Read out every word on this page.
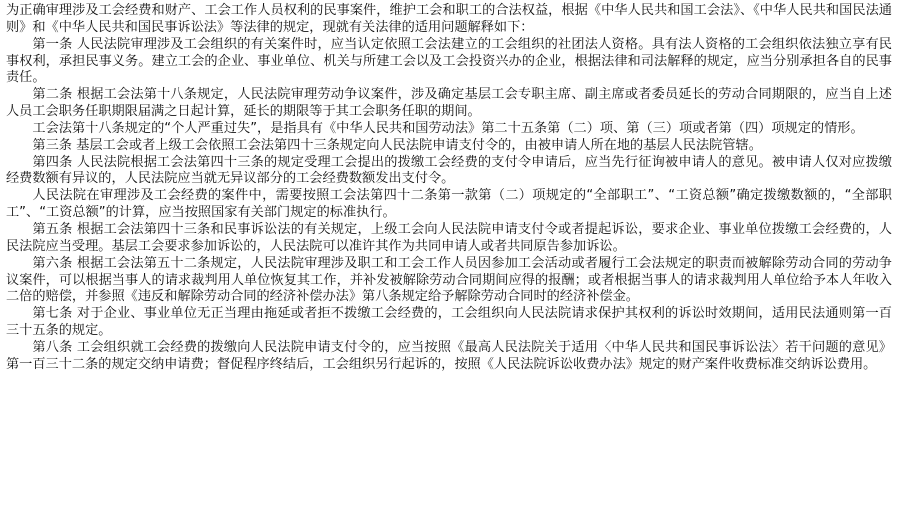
为正确审理涉及工会经费和财产、工会工作人员权利的民事案件，维护工会和职工的合法权益，根据《中华人民共和国工会法》、《中华人民共和国民法通则》和《中华人民共和国民事诉讼法》等法律的规定，现就有关法律的适用问题解释如下：

第一条 人民法院审理涉及工会组织的有关案件时，应当认定依照工会法建立的工会组织的社团法人资格。具有法人资格的工会组织依法独立享有民事权利，承担民事义务。建立工会的企业、事业单位、机关与所建工会以及工会投资兴办的企业，根据法律和司法解释的规定，应当分别承担各自的民事责任。

第二条 根据工会法第十八条规定，人民法院审理劳动争议案件，涉及确定基层工会专职主席、副主席或者委员延长的劳动合同期限的，应当自上述人员工会职务任职期限届满之日起计算，延长的期限等于其工会职务任职的期间。

工会法第十八条规定的“个人严重过失”，是指具有《中华人民共和国劳动法》第二十五条第（二）项、第（三）项或者第（四）项规定的情形。

第三条 基层工会或者上级工会依照工会法第四十三条规定向人民法院申请支付令的，由被申请人所在地的基层人民法院管辖。

第四条 人民法院根据工会法第四十三条的规定受理工会提出的拨缴工会经费的支付令申请后，应当先行征询被申请人的意见。被申请人仅对应拨缴经费数额有异议的，人民法院应当就无异议部分的工会经费数额发出支付令。

人民法院在审理涉及工会经费的案件中，需要按照工会法第四十二条第一款第（二）项规定的“全部职工”、“工资总额”确定拨缴数额的，“全部职工”、“工资总额”的计算，应当按照国家有关部门规定的标准执行。

第五条 根据工会法第四十三条和民事诉讼法的有关规定，上级工会向人民法院申请支付令或者提起诉讼，要求企业、事业单位拨缴工会经费的，人民法院应当受理。基层工会要求参加诉讼的，人民法院可以准许其作为共同申请人或者共同原告参加诉讼。

第六条 根据工会法第五十二条规定，人民法院审理涉及职工和工会工作人员因参加工会活动或者履行工会法规定的职责而被解除劳动合同的劳动争议案件，可以根据当事人的请求裁判用人单位恢复其工作，并补发被解除劳动合同期间应得的报酬；或者根据当事人的请求裁判用人单位给予本人年收入二倍的赔偿，并参照《违反和解除劳动合同的经济补偿办法》第八条规定给予解除劳动合同时的经济补偿金。

第七条 对于企业、事业单位无正当理由拖延或者拒不拨缴工会经费的，工会组织向人民法院请求保护其权利的诉讼时效期间，适用民法通则第一百三十五条的规定。

第八条 工会组织就工会经费的拨缴向人民法院申请支付令的，应当按照《最高人民法院关于适用〈中华人民共和国民事诉讼法〉若干问题的意见》第一百三十二条的规定交纳申请费；督促程序终结后，工会组织另行起诉的，按照《人民法院诉讼收费办法》规定的财产案件收费标准交纳诉讼费用。
